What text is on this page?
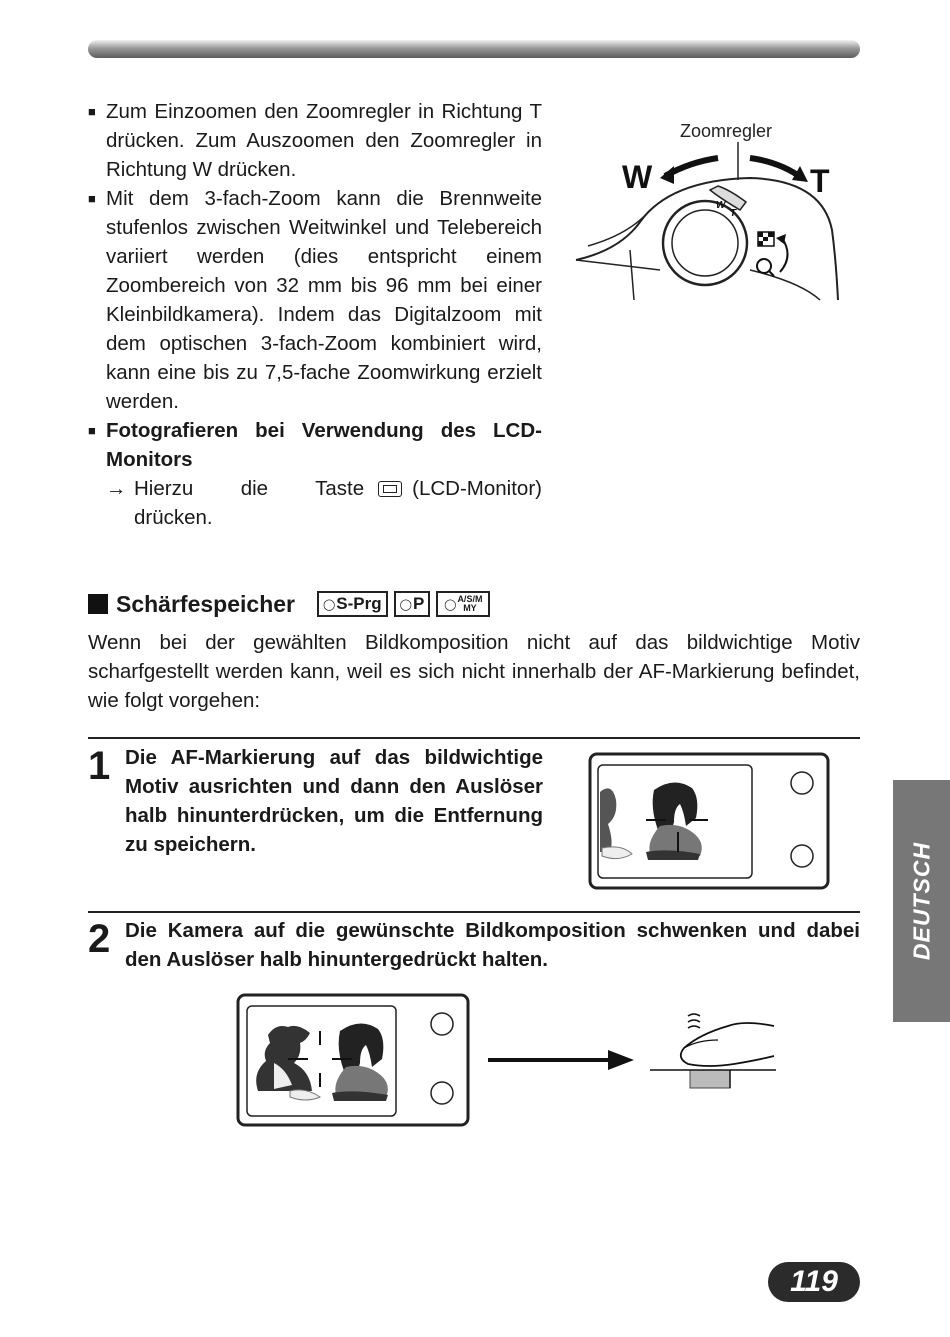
■ Zum Einzoomen den Zoomregler in Richtung T drücken. Zum Auszoomen den Zoomregler in Richtung W drücken.
■ Mit dem 3-fach-Zoom kann die Brennweite stufenlos zwischen Weitwinkel und Telebereich variiert werden (dies entspricht einem Zoombereich von 32 mm bis 96 mm bei einer Kleinbildkamera). Indem das Digitalzoom mit dem optischen 3-fach-Zoom kombiniert wird, kann eine bis zu 7,5-fache Zoomwirkung erzielt werden.
■ Fotografieren bei Verwendung des LCD-Monitors
→ Hierzu die Taste (LCD-Monitor) drücken.
Zoomregler
W	T
W
T
Schärfespeicher	◯ S-Prg ◯ P ◯ A/S/M
MY
Wenn bei der gewählten Bildkomposition nicht auf das bildwichtige Motiv scharfgestellt werden kann, weil es sich nicht innerhalb der AF-Markierung befindet, wie folgt vorgehen:
1 Die AF-Markierung auf das bildwichtige Motiv ausrichten und dann den Auslöser halb hinunterdrücken, um die Entfernung zu speichern.
2 Die Kamera auf die gewünschte Bildkomposition schwenken und dabei den Auslöser halb hinuntergedrückt halten.	DEUTSCH
119
